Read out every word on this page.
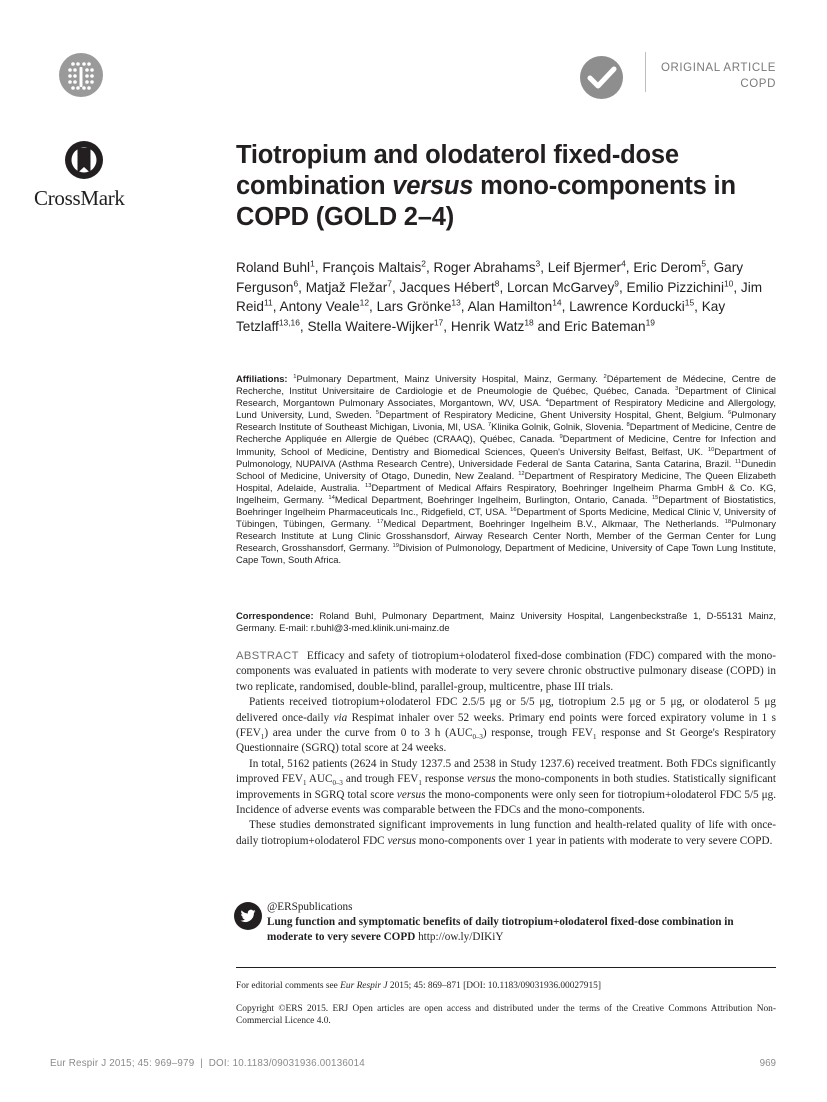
ORIGINAL ARTICLE
COPD
CrossMark
Tiotropium and olodaterol fixed-dose combination versus mono-components in COPD (GOLD 2–4)
Roland Buhl$^1$, François Maltais$^2$, Roger Abrahams$^3$, Leif Bjermer$^4$, Eric Derom$^5$, Gary Ferguson$^6$, Matjaž Fležar$^7$, Jacques Hébert$^8$, Lorcan McGarvey$^9$, Emilio Pizzichini$^{10}$, Jim Reid$^{11}$, Antony Veale$^{12}$, Lars Grönke$^{13}$, Alan Hamilton$^{14}$, Lawrence Korducki$^{15}$, Kay Tetzlaff$^{13,16}$, Stella Waitere-Wijker$^{17}$, Henrik Watz$^{18}$ and Eric Bateman$^{19}$
Affiliations: $^1$Pulmonary Department, Mainz University Hospital, Mainz, Germany. $^2$Département de Médecine, Centre de Recherche, Institut Universitaire de Cardiologie et de Pneumologie de Québec, Québec, Canada. $^3$Department of Clinical Research, Morgantown Pulmonary Associates, Morgantown, WV, USA. $^4$Department of Respiratory Medicine and Allergology, Lund University, Lund, Sweden. $^5$Department of Respiratory Medicine, Ghent University Hospital, Ghent, Belgium. $^6$Pulmonary Research Institute of Southeast Michigan, Livonia, MI, USA. $^7$Klinika Golnik, Golnik, Slovenia. $^8$Department of Medicine, Centre de Recherche Appliquée en Allergie de Québec (CRAAQ), Québec, Canada. $^9$Department of Medicine, Centre for Infection and Immunity, School of Medicine, Dentistry and Biomedical Sciences, Queen's University Belfast, Belfast, UK. $^{10}$Department of Pulmonology, NUPAIVA (Asthma Research Centre), Universidade Federal de Santa Catarina, Santa Catarina, Brazil. $^{11}$Dunedin School of Medicine, University of Otago, Dunedin, New Zealand. $^{12}$Department of Respiratory Medicine, The Queen Elizabeth Hospital, Adelaide, Australia. $^{13}$Department of Medical Affairs Respiratory, Boehringer Ingelheim Pharma GmbH & Co. KG, Ingelheim, Germany. $^{14}$Medical Department, Boehringer Ingelheim, Burlington, Ontario, Canada. $^{15}$Department of Biostatistics, Boehringer Ingelheim Pharmaceuticals Inc., Ridgefield, CT, USA. $^{16}$Department of Sports Medicine, Medical Clinic V, University of Tübingen, Tübingen, Germany. $^{17}$Medical Department, Boehringer Ingelheim B.V., Alkmaar, The Netherlands. $^{18}$Pulmonary Research Institute at Lung Clinic Grosshansdorf, Airway Research Center North, Member of the German Center for Lung Research, Grosshansdorf, Germany. $^{19}$Division of Pulmonology, Department of Medicine, University of Cape Town Lung Institute, Cape Town, South Africa.
Correspondence: Roland Buhl, Pulmonary Department, Mainz University Hospital, Langenbeckstraße 1, D-55131 Mainz, Germany. E-mail: r.buhl@3-med.klinik.uni-mainz.de

ABSTRACT Efficacy and safety of tiotropium+olodaterol fixed-dose combination (FDC) compared with the mono-components was evaluated in patients with moderate to very severe chronic obstructive pulmonary disease (COPD) in two replicate, randomised, double-blind, parallel-group, multicentre, phase III trials.

Patients received tiotropium+olodaterol FDC 2.5/5 μg or 5/5 μg, tiotropium 2.5 μg or 5 μg, or olodaterol 5 μg delivered once-daily via Respimat inhaler over 52 weeks. Primary end points were forced expiratory volume in 1 s $(FEV_1)$ area under the curve from 0 to 3 h $(AUC_{0-3})$ response, trough $FEV_1$ response and St George's Respiratory Questionnaire (SGRQ) total score at 24 weeks.

In total, 5162 patients (2624 in Study 1237.5 and 2538 in Study 1237.6) received treatment. Both FDCs significantly improved $FEV_1$ $AUC_{0-3}$ and trough $FEV_1$ response versus the mono-components in both studies. Statistically significant improvements in SGRQ total score versus the mono-components were only seen for tiotropium+olodaterol FDC 5/5 μg. Incidence of adverse events was comparable between the FDCs and the mono-components.

These studies demonstrated significant improvements in lung function and health-related quality of life with once-daily tiotropium+olodaterol FDC versus mono-components over 1 year in patients with moderate to very severe COPD.

@ERSpublications
Lung function and symptomatic benefits of daily tiotropium+olodaterol fixed-dose combination in moderate to very severe COPD http://ow.ly/DIKiY
For editorial comments see Eur Respir J 2015; 45: 869–871 [DOI: 10.1183/09031936.00027915]
Copyright ©ERS 2015. ERJ Open articles are open access and distributed under the terms of the Creative Commons Attribution Non-Commercial Licence 4.0.
Eur Respir J 2015; 45: 969–979  |  DOI: 10.1183/09031936.00136014	969
